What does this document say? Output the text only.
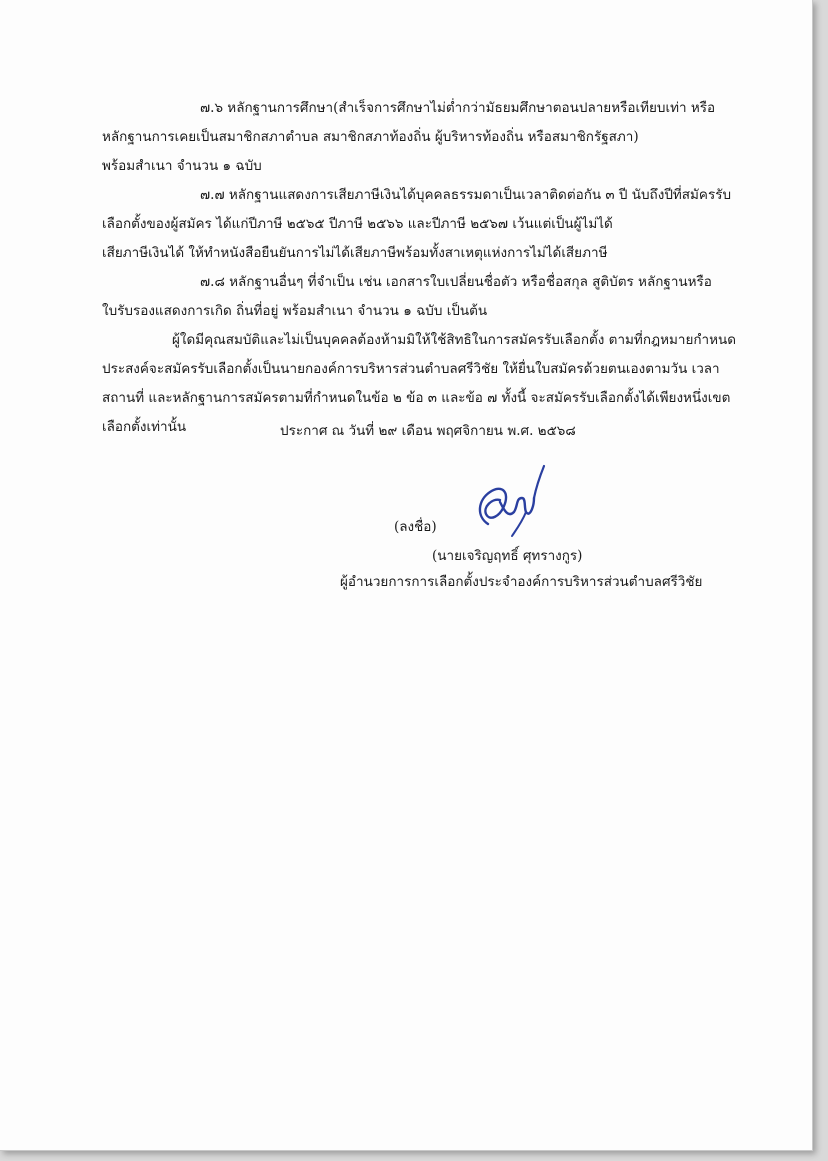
๗.๖ หลักฐานการศึกษา(สำเร็จการศึกษาไม่ต่ำกว่ามัธยมศึกษาตอนปลายหรือเทียบเท่า หรือ
หลักฐานการเคยเป็นสมาชิกสภาตำบล สมาชิกสภาท้องถิ่น ผู้บริหารท้องถิ่น หรือสมาชิกรัฐสภา)
พร้อมสำเนา จำนวน ๑ ฉบับ

๗.๗ หลักฐานแสดงการเสียภาษีเงินได้บุคคลธรรมดาเป็นเวลาติดต่อกัน ๓ ปี นับถึงปีที่สมัครรับ
เลือกตั้งของผู้สมัคร ได้แก่ปีภาษี ๒๕๖๕ ปีภาษี ๒๕๖๖ และปีภาษี ๒๕๖๗ เว้นแต่เป็นผู้ไม่ได้
เสียภาษีเงินได้ ให้ทำหนังสือยืนยันการไม่ได้เสียภาษีพร้อมทั้งสาเหตุแห่งการไม่ได้เสียภาษี

๗.๘ หลักฐานอื่นๆ ที่จำเป็น เช่น เอกสารใบเปลี่ยนชื่อตัว หรือชื่อสกุล สูติบัตร หลักฐานหรือ
ใบรับรองแสดงการเกิด ถิ่นที่อยู่ พร้อมสำเนา จำนวน ๑ ฉบับ เป็นต้น

ผู้ใดมีคุณสมบัติและไม่เป็นบุคคลต้องห้ามมิให้ใช้สิทธิในการสมัครรับเลือกตั้ง ตามที่กฎหมายกำหนด
ประสงค์จะสมัครรับเลือกตั้งเป็นนายกองค์การบริหารส่วนตำบลศรีวิชัย ให้ยื่นใบสมัครด้วยตนเองตามวัน เวลา
สถานที่ และหลักฐานการสมัครตามที่กำหนดในข้อ ๒ ข้อ ๓ และข้อ ๗ ทั้งนี้ จะสมัครรับเลือกตั้งได้เพียงหนึ่งเขต
เลือกตั้งเท่านั้น	ประกาศ ณ วันที่ ๒๙ เดือน พฤศจิกายน พ.ศ. ๒๕๖๘
(ลงชื่อ)
(นายเจริญฤทธิ์ ศุทรางกูร)
ผู้อำนวยการการเลือกตั้งประจำองค์การบริหารส่วนตำบลศรีวิชัย
